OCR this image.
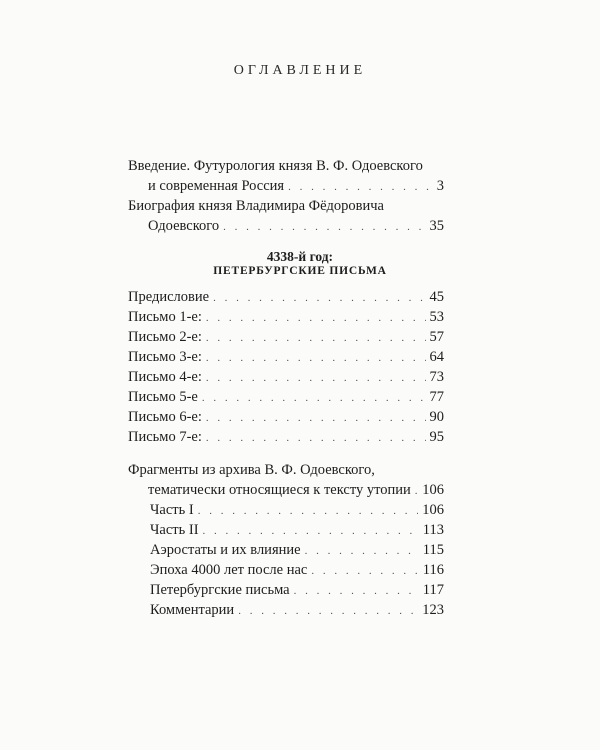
ОГЛАВЛЕНИЕ
Введение. Футурология князя В. Ф. Одоевского
и современная Россия . . .	3
Биография князя Владимира Фёдоровича
Одоевского . . .	35
4338-й год:
ПЕТЕРБУРГСКИЕ ПИСЬМА
Предисловие . . .	45
Письмо 1-е: . . .	53
Письмо 2-е: . . .	57
Письмо 3-е: . . .	64
Письмо 4-е: . . .	73
Письмо 5-е . . .	77
Письмо 6-е: . . .	90
Письмо 7-е: . . .	95
Фрагменты из архива В. Ф. Одоевского,
тематически относящиеся к тексту утопии . . . 106
Часть I . . .	106
Часть II . . .	113
Аэростаты и их влияние . . .	115
Эпоха 4000 лет после нас . . .	116
Петербургские письма . . .	117
Комментарии . . .	123
